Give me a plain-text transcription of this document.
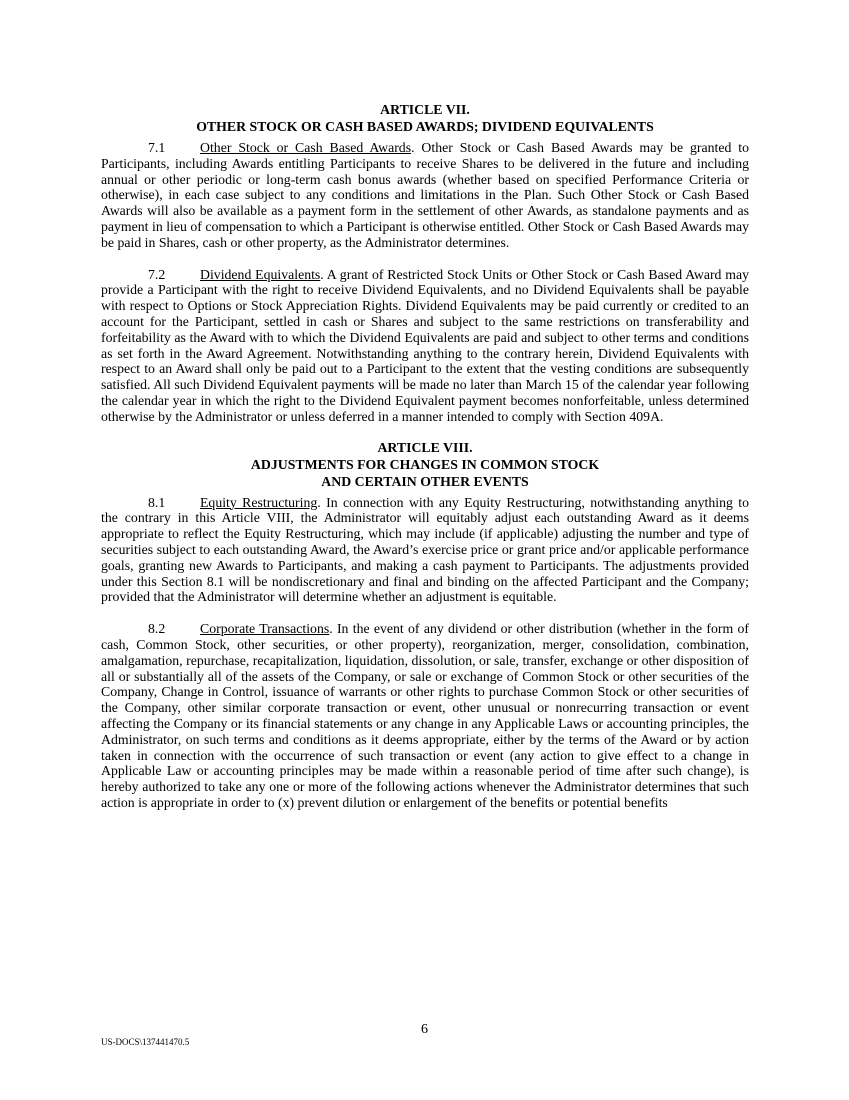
ARTICLE VII.
OTHER STOCK OR CASH BASED AWARDS; DIVIDEND EQUIVALENTS

7.1	Other Stock or Cash Based Awards. Other Stock or Cash Based Awards may be granted to Participants, including Awards entitling Participants to receive Shares to be delivered in the future and including annual or other periodic or long-term cash bonus awards (whether based on specified Performance Criteria or otherwise), in each case subject to any conditions and limitations in the Plan. Such Other Stock or Cash Based Awards will also be available as a payment form in the settlement of other Awards, as standalone payments and as payment in lieu of compensation to which a Participant is otherwise entitled. Other Stock or Cash Based Awards may be paid in Shares, cash or other property, as the Administrator determines.

7.2	Dividend Equivalents. A grant of Restricted Stock Units or Other Stock or Cash Based Award may provide a Participant with the right to receive Dividend Equivalents, and no Dividend Equivalents shall be payable with respect to Options or Stock Appreciation Rights. Dividend Equivalents may be paid currently or credited to an account for the Participant, settled in cash or Shares and subject to the same restrictions on transferability and forfeitability as the Award with to which the Dividend Equivalents are paid and subject to other terms and conditions as set forth in the Award Agreement. Notwithstanding anything to the contrary herein, Dividend Equivalents with respect to an Award shall only be paid out to a Participant to the extent that the vesting conditions are subsequently satisfied. All such Dividend Equivalent payments will be made no later than March 15 of the calendar year following the calendar year in which the right to the Dividend Equivalent payment becomes nonforfeitable, unless determined otherwise by the Administrator or unless deferred in a manner intended to comply with Section 409A.

ARTICLE VIII.
ADJUSTMENTS FOR CHANGES IN COMMON STOCK
AND CERTAIN OTHER EVENTS

8.1	Equity Restructuring. In connection with any Equity Restructuring, notwithstanding anything to the contrary in this Article VIII, the Administrator will equitably adjust each outstanding Award as it deems appropriate to reflect the Equity Restructuring, which may include (if applicable) adjusting the number and type of securities subject to each outstanding Award, the Award’s exercise price or grant price and/or applicable performance goals, granting new Awards to Participants, and making a cash payment to Participants. The adjustments provided under this Section 8.1 will be nondiscretionary and final and binding on the affected Participant and the Company; provided that the Administrator will determine whether an adjustment is equitable.

8.2	Corporate Transactions. In the event of any dividend or other distribution (whether in the form of cash, Common Stock, other securities, or other property), reorganization, merger, consolidation, combination, amalgamation, repurchase, recapitalization, liquidation, dissolution, or sale, transfer, exchange or other disposition of all or substantially all of the assets of the Company, or sale or exchange of Common Stock or other securities of the Company, Change in Control, issuance of warrants or other rights to purchase Common Stock or other securities of the Company, other similar corporate transaction or event, other unusual or nonrecurring transaction or event affecting the Company or its financial statements or any change in any Applicable Laws or accounting principles, the Administrator, on such terms and conditions as it deems appropriate, either by the terms of the Award or by action taken in connection with the occurrence of such transaction or event (any action to give effect to a change in Applicable Law or accounting principles may be made within a reasonable period of time after such change), is hereby authorized to take any one or more of the following actions whenever the Administrator determines that such action is appropriate in order to (x) prevent dilution or enlargement of the benefits or potential benefits

6
US-DOCS\137441470.5
